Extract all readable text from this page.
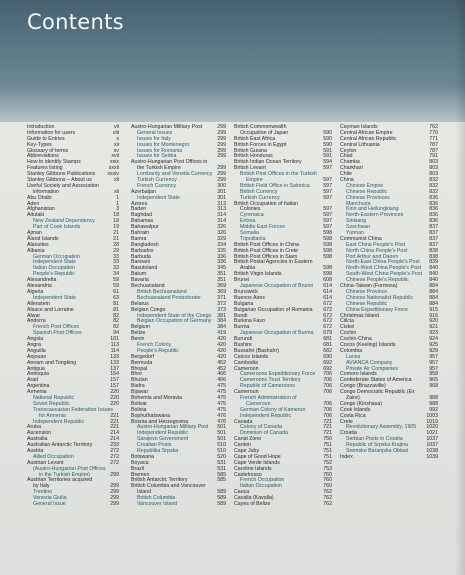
Contents
Introduction	vii
Information for users	viii
Guide to Entries	x
Key-Types	xii
Glossary of terms	xv
Abbreviations	xvii
How to identify Stamps	xxix
Features listing	xxxii
Stanley Gibbons Publications xxxiv
Stanley Gibbons – About us	xli
Useful Society and Association
information	xli
Abu Dhabi	1
Aden	1
Afghanistan	3
Aitutaki	18
New Zealand Dependency	18
Part of Cook Islands	19
Ajman	21
Åland Islands	21
Alaouites	28
Albania	29
German Occupation	33
Independent State	33
Italian Occupation	33
People's Republic	34
Alexandretta	59
Alexandria	59
Algeria	61
Independent State	63
Allenstein	81
Alsace and Lorraine	81
Alwar	82
Andorra	82
French Post Offices	82
Spanish Post Offices	94
Angola	101
Angra	113
Anguilla	114
Anjouan	133
Annam and Tongking	133
Antigua	137
Antioquia	154
Arad	157
Argentina	157
Armenia	220
National Republic	220
Soviet Republic	220
Transcaucasian Federation Issues
for Armenia	221
Independent Republic	221
Aruba	221
Ascension	214
Australia	214
Australian Antarctic Territory	233
Austria	272
Allied Occupation	272
Austrian Levant	272
(Austro-Hungarian Post Offices
in the Turkish Empire)	299
Austrian Territories acquired
by Italy	299
Trentino	299
Venezia Giulia	299
General Issue	299
Austro-Hungarian Military Post	299
General Issues	299
Issues for Italy	299
Issues for Montenegro	299
Issues for Romania	299
Issues for Serbia	299
Austro-Hungarian Post Offices in
the Turkish Empire	299
Lombardy and Venetia Currency 299
Turkish Currency	299
French Currency	300
Azerbaijan	301
Independent State	301
Azores	313
Baden	313
Baghdad	314
Bahamas	314
Bahawalpur	326
Bahrain	326
Bamra	329
Bangladesh	334
Barbados	335
Barbuda	336
Barwani	336
Basutoland	345
Batum	351
Bavaria	351
Bechuanaland	369
British Bechuanaland	369
Bechuanaland Protectorate	371
Belarus	372
Belgian Congo	373
Independent State of the Congo 381
Belgian Occupation of Germany 384
Belgium	384
Belize	419
Benin	420
French Colony	420
People's Republic	420
Bergedorf	420
Bermuda	452
Bhopal	452
Bhor	466
Bhutan	466
Biafra	475
Bijawar	475
Bohemia and Moravia	475
Bolivar	475
Bolivia	475
Bophuthatswana	476
Bosnia and Herzegovina	476
Austro-Hungarian Military Post 501
Independent Republic	501
Sarajevo Government	501
Croatian Posts	510
Republika Srpska	510
Botswana	520
Boyaca	531
Brazil	531
Bremen	585
British Antarctic Territory	585
British Columbia and Vancouver
Island	589
British Columbia	589
Vancouver Island	589
British Commonwealth
Occupation of Japan	590
British East Africa	590
British Forces in Egypt	590
British Guiana	591
British Honduras	591
British Indian Ocean Territory	594
British Levant	597
British Post Offices in the Turkish
Empire	597
British Field Office in Salonica	597
British Currency	597
Turkish Currency	597
British Occupation of Italian
Colonies	597
Cyrenaica	597
Eritrea	597
Middle East Forces	597
Somalia	598
Tripolitania	598
British Post Offices in China	598
British Post Offices in Crete	598
British Post Offices in Siam	598
British Postal Agencies in Eastern
Arabia	598
British Virgin Islands	598
Brunei	608
Japanese Occupation of Brunei 614
Brunswick	614
Buenos Aires	614
Bulgaria	672
Bulgarian Occupation of Romania 672
Bundi	672
Burkina Faso	672
Burma	672
Japanese Occupation of Burma 679
Burundi	681
Bushire	681
Bussahir (Bashahr)	682
Caicos Islands	690
Cambodia	692
Cameroon	692
Cameroons Expeditionary Force 706
Cameroons Trust Territory	706
Republic of Cameroons	706
Cameroun	706
French Administration of
Cameroun	706
German Colony of Kamerun	706
Independent Republic	706
Canada	721
Colony of Canada	721
Dominion of Canada	721
Canal Zone	750
Canton	751
Cape Juby	751
Cape of Good Hope	751
Cape Verde Islands	752
Caroline Islands	753
Castelrosso	760
French Occupation	760
Italian Occupation	760
Cauca	762
Cavalla (Kavalla)	762
Cayes of Belize	762
Cayman Islands	762
Central African Empire	770
Central African Republic	771
Central Lithuania	787
Ceylon	787
Chad	791
Chamba	803
Charkhari	803
Chile	803
China	832
Chinese Empire	832
Chinese Republic	832
Chinese Provinces	836
Manchuria	836
Kirin and Heilungkiang	836
North-Eastern Provinces	836
Sinkiang	836
Szechwan	837
Yunnan	837
Communist China	837
East China People's Post	837
North China People's Post	838
Port Arthur and Dairen	838
North-East China People's Post 839
North-West China People's Post 840
South-West China People's Post 840
Chinese People's Republic	840
China-Taiwan (Formosa)	884
Chinese Province	884
Chinese Nationalist Republic	884
Chinese Republic	884
China Expeditionary Force	915
Christmas Island	916
Cilicia	920
Ciskei	921
Cochin	923
Cochin-China	924
Cocos (Keeling) Islands	925
Colombia	929
Lansa	957
AVIANCA Company	957
Private Air Companies	957
Comoro Islands	958
Confederate States of America	965
Congo (Brazzaville)	968
Congo Democratic Republic (Ex
Zaire)	988
Congo (Kinshasa)	988
Cook Islands	992
Costa Rica	1003
Crete	1019
Revolutionary Assembly, 1905 1020
Croatia	1021
Serbian Posts in Croatia	1037
Republic of Srpska Krajina	1037
Sremsko Baranjska Oblast	1038
Index	1039
